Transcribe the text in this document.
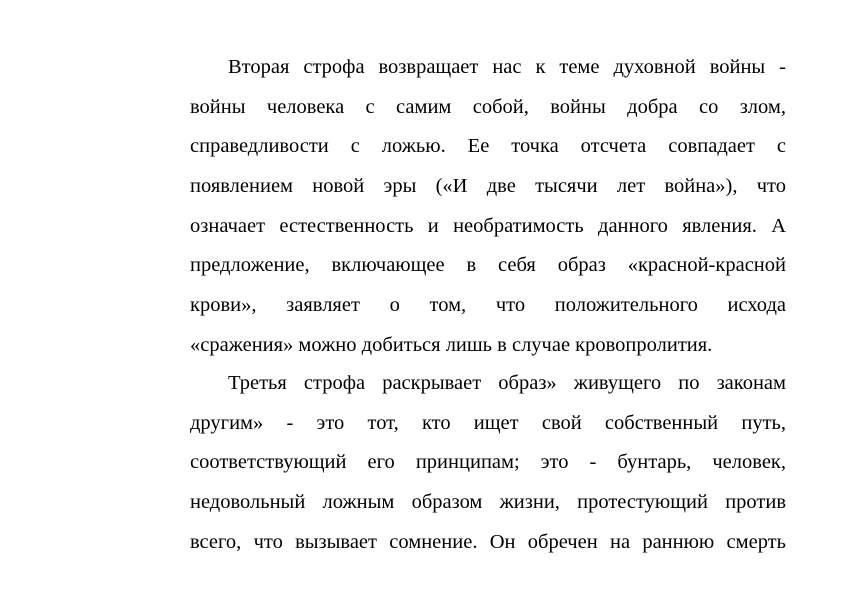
Вторая строфа возвращает нас к теме духовной войны -
войны человека с самим собой, войны добра со злом,
справедливости с ложью. Ее точка отсчета совпадает с
появлением новой эры («И две тысячи лет война»), что
означает естественность и необратимость данного явления. А
предложение, включающее в себя образ «красной-красной
крови», заявляет о том, что положительного исхода
«сражения» можно добиться лишь в случае кровопролития.
Третья строфа раскрывает образ» живущего по законам
другим» - это тот, кто ищет свой собственный путь,
соответствующий его принципам; это - бунтарь, человек,
недовольный ложным образом жизни, протестующий против
всего, что вызывает сомнение. Он обречен на раннюю смерть
